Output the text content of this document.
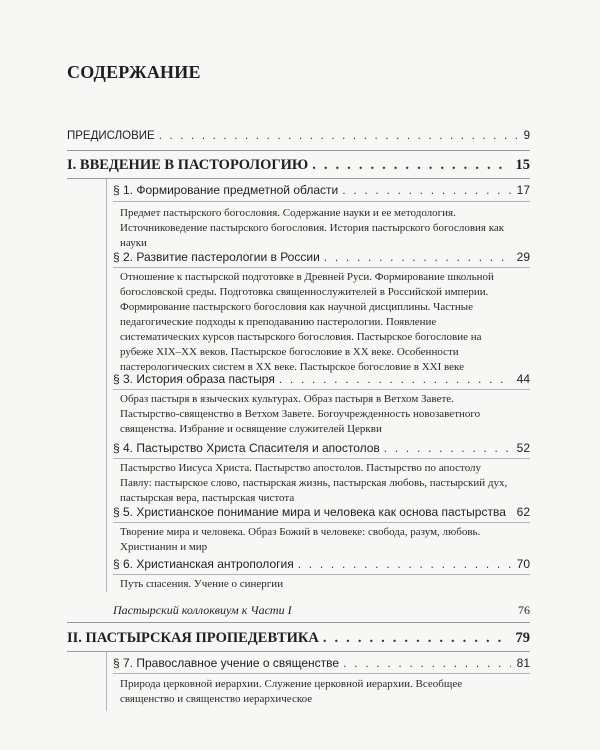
СОДЕРЖАНИЕ
ПРЕДИСЛОВИЕ . . .	9
I. ВВЕДЕНИЕ В ПАСТОРОЛОГИЮ . . .	15
§ 1. Формирование предметной области . . .	17
Предмет пастырского богословия. Содержание науки и ее методология. Источниковедение пастырского богословия. История пастырского богословия как науки
§ 2. Развитие пастерологии в России . . .	29
Отношение к пастырской подготовке в Древней Руси. Формирование школьной богословской среды. Подготовка священнослужителей в Российской империи. Формирование пастырского богословия как научной дисциплины. Частные педагогические подходы к преподаванию пастерологии. Появление систематических курсов пастырского богословия. Пастырское богословие на рубеже XIX–XX веков. Пастырское богословие в XX веке. Особенности пастерологических систем в XX веке. Пастырское богословие в XXI веке
§ 3. История образа пастыря . . .	44
Образ пастыря в языческих культурах. Образ пастыря в Ветхом Завете. Пастырство-священство в Ветхом Завете. Богоучрежденность новозаветного священства. Избрание и освящение служителей Церкви
§ 4. Пастырство Христа Спасителя и апостолов . . .	52
Пастырство Иисуса Христа. Пастырство апостолов. Пастырство по апостолу Павлу: пастырское слово, пастырская жизнь, пастырская любовь, пастырский дух, пастырская вера, пастырская чистота
§ 5. Христианское понимание мира и человека как основа пастырства . . . 62
Творение мира и человека. Образ Божий в человеке: свобода, разум, любовь. Христианин и мир
§ 6. Христианская антропология . . .	70
Путь спасения. Учение о синергии
Пастырский коллоквиум к Части I	76
II. ПАСТЫРСКАЯ ПРОПЕДЕВТИКА . . .	79
§ 7. Православное учение о священстве . . .	81
Природа церковной иерархии. Служение церковной иерархии. Всеобщее священство и священство иерархическое
